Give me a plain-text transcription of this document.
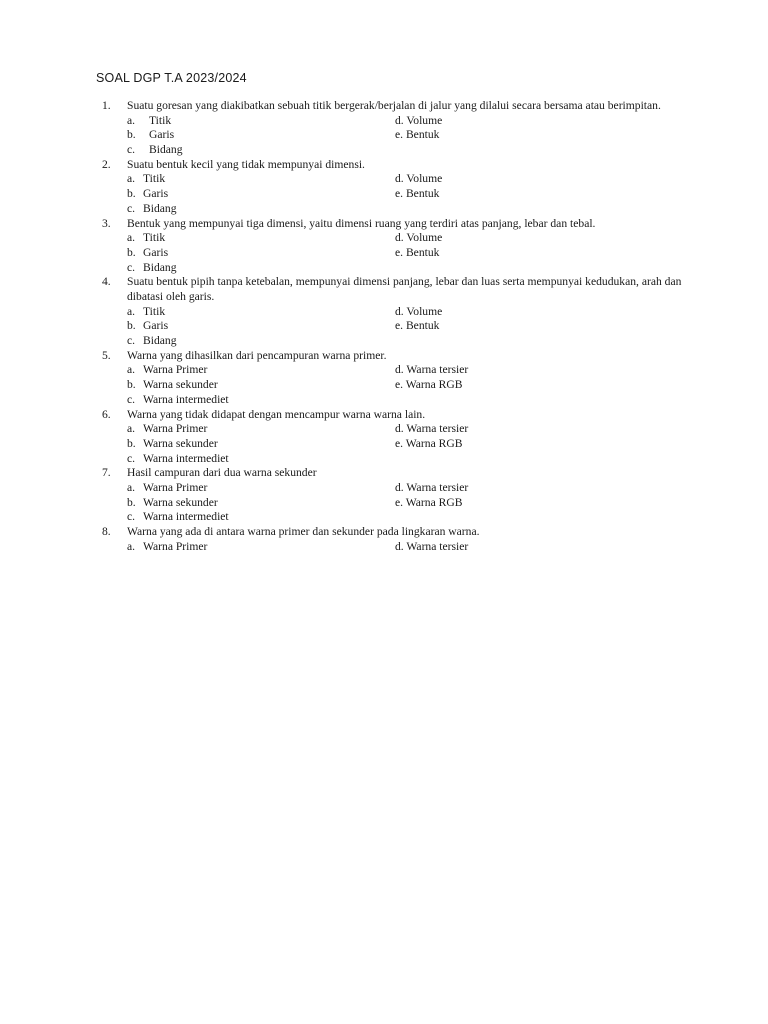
SOAL DGP T.A 2023/2024
1. Suatu goresan yang diakibatkan sebuah titik bergerak/berjalan di jalur yang dilalui secara bersama atau berimpitan.
a. Titik	d. Volume
b. Garis	e. Bentuk
c. Bidang
2. Suatu bentuk kecil yang tidak mempunyai dimensi.
a. Titik	d. Volume
b. Garis	e. Bentuk
c. Bidang
3. Bentuk yang mempunyai tiga dimensi, yaitu dimensi ruang yang terdiri atas panjang, lebar dan tebal.
a. Titik	d. Volume
b. Garis	e. Bentuk
c. Bidang
4. Suatu bentuk pipih tanpa ketebalan, mempunyai dimensi panjang, lebar dan luas serta mempunyai kedudukan, arah dan dibatasi oleh garis.
a. Titik	d. Volume
b. Garis	e. Bentuk
c. Bidang
5. Warna yang dihasilkan dari pencampuran warna primer.
a. Warna Primer	d. Warna tersier
b. Warna sekunder	e. Warna RGB
c. Warna intermediet
6. Warna yang tidak didapat dengan mencampur warna warna lain.
a. Warna Primer	d. Warna tersier
b. Warna sekunder	e. Warna RGB
c. Warna intermediet
7. Hasil campuran dari dua warna sekunder
a. Warna Primer	d. Warna tersier
b. Warna sekunder	e. Warna RGB
c. Warna intermediet
8. Warna yang ada di antara warna primer dan sekunder pada lingkaran warna.
a. Warna Primer	d. Warna tersier
